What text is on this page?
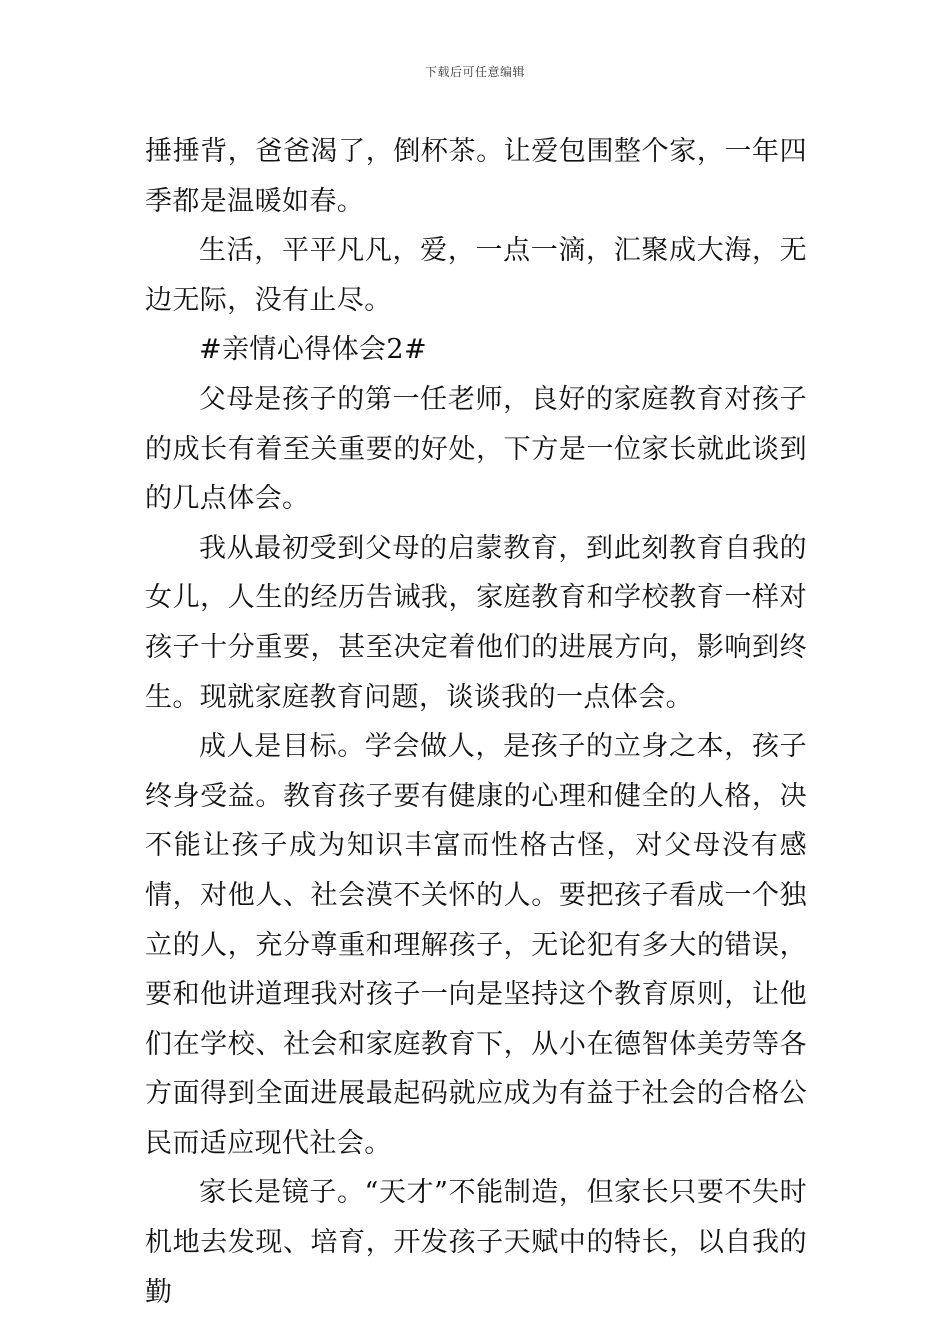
下载后可任意编辑

捶捶背，爸爸渴了，倒杯茶。让爱包围整个家，一年四季都是温暖如春。

生活，平平凡凡，爱，一点一滴，汇聚成大海，无边无际，没有止尽。

#亲情心得体会2#

父母是孩子的第一任老师，良好的家庭教育对孩子的成长有着至关重要的好处，下方是一位家长就此谈到的几点体会。

我从最初受到父母的启蒙教育，到此刻教育自我的女儿，人生的经历告诫我，家庭教育和学校教育一样对孩子十分重要，甚至决定着他们的进展方向，影响到终生。现就家庭教育问题，谈谈我的一点体会。

成人是目标。学会做人，是孩子的立身之本，孩子终身受益。教育孩子要有健康的心理和健全的人格，决不能让孩子成为知识丰富而性格古怪，对父母没有感情，对他人、社会漠不关怀的人。要把孩子看成一个独立的人，充分尊重和理解孩子，无论犯有多大的错误，要和他讲道理我对孩子一向是坚持这个教育原则，让他们在学校、社会和家庭教育下，从小在德智体美劳等各方面得到全面进展最起码就应成为有益于社会的合格公民而适应现代社会。

家长是镜子。“天才”不能制造，但家长只要不失时机地去发现、培育，开发孩子天赋中的特长，以自我的勤
